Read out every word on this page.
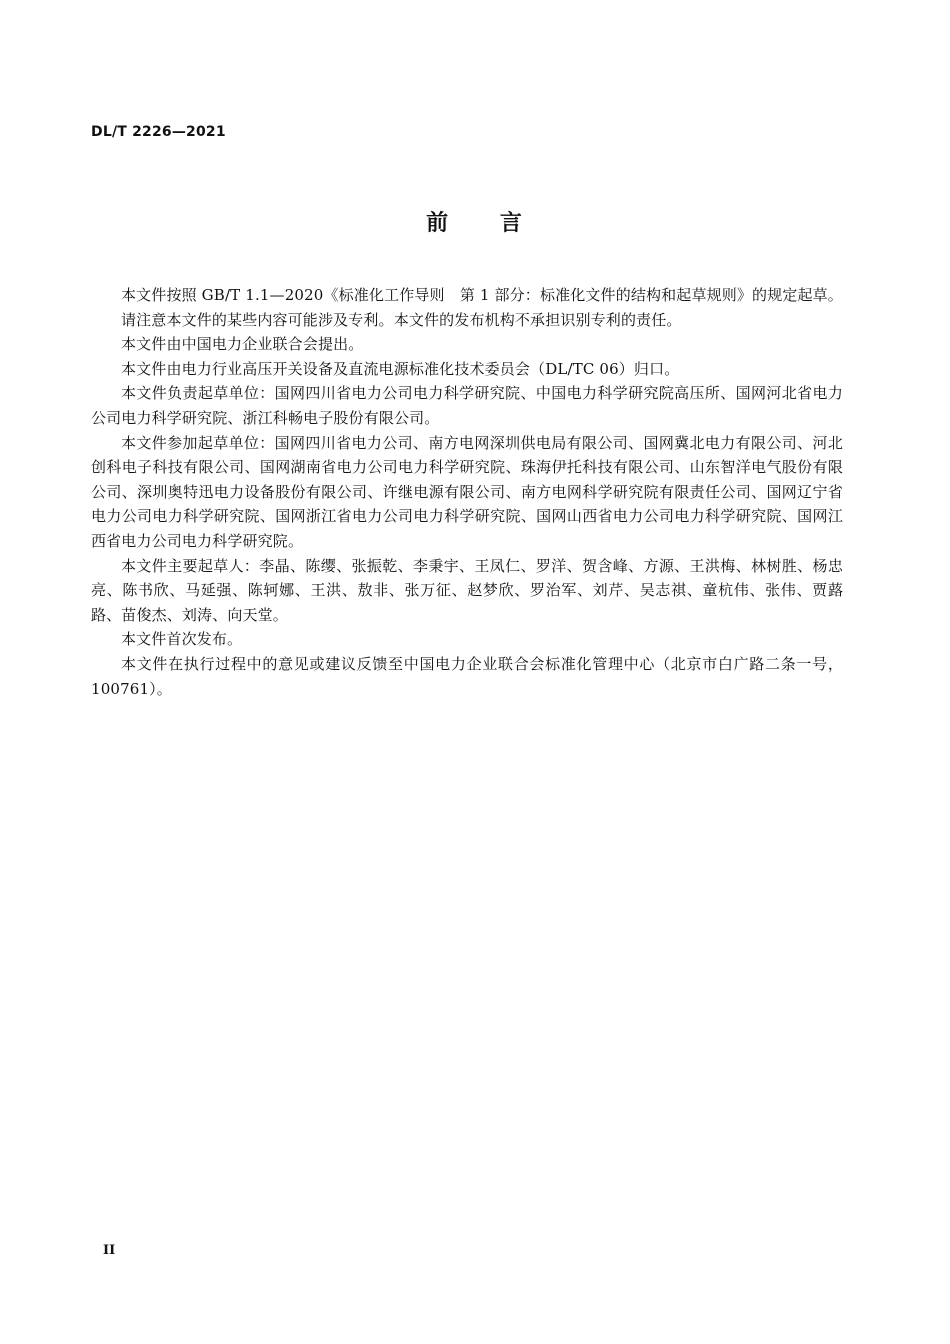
DL/T 2226—2021

前 言

本文件按照 GB/T 1.1—2020《标准化工作导则　第 1 部分：标准化文件的结构和起草规则》的规定起草。

请注意本文件的某些内容可能涉及专利。本文件的发布机构不承担识别专利的责任。

本文件由中国电力企业联合会提出。

本文件由电力行业高压开关设备及直流电源标准化技术委员会（DL/TC 06）归口。

本文件负责起草单位：国网四川省电力公司电力科学研究院、中国电力科学研究院高压所、国网河北省电力公司电力科学研究院、浙江科畅电子股份有限公司。

本文件参加起草单位：国网四川省电力公司、南方电网深圳供电局有限公司、国网冀北电力有限公司、河北创科电子科技有限公司、国网湖南省电力公司电力科学研究院、珠海伊托科技有限公司、山东智洋电气股份有限公司、深圳奥特迅电力设备股份有限公司、许继电源有限公司、南方电网科学研究院有限责任公司、国网辽宁省电力公司电力科学研究院、国网浙江省电力公司电力科学研究院、国网山西省电力公司电力科学研究院、国网江西省电力公司电力科学研究院。

本文件主要起草人：李晶、陈缨、张振乾、李秉宇、王凤仁、罗洋、贺含峰、方源、王洪梅、林树胜、杨忠亮、陈书欣、马延强、陈轲娜、王洪、敖非、张万征、赵梦欣、罗治军、刘芹、吴志祺、童杭伟、张伟、贾蕗路、苗俊杰、刘涛、向天堂。

本文件首次发布。

本文件在执行过程中的意见或建议反馈至中国电力企业联合会标准化管理中心（北京市白广路二条一号，100761）。

II
